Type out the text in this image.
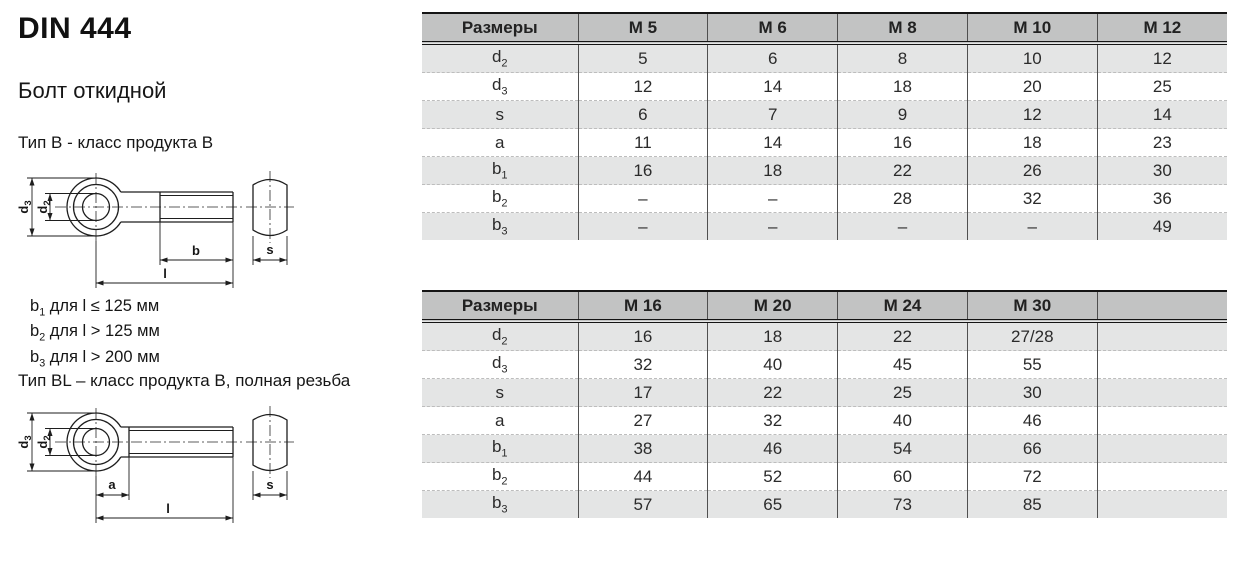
DIN 444
Болт откидной
Тип B - класс продукта B
Тип BL – класс продукта B, полная резьба
$d_3$
$d_2$
b
l
s
$b_1$ для l ≤ 125 мм
$b_2$ для l > 125 мм
$b_3$ для l > 200 мм
$d_3$
$d_2$
a
l
s
Размеры	M 5	M 6	M 8	M 10	M 12
$d_2$	5	6	8	10	12
$d_3$	12	14	18	20	25
s	6	7	9	12	14
a	11	14	16	18	23
$b_1$	16	18	22	26	30
$b_2$	–	–	28	32	36
$b_3$	–	–	–	–	49
Размеры	M 16	M 20	M 24	M 30	
$d_2$	16	18	22	27/28	
$d_3$	32	40	45	55	
s	17	22	25	30	
a	27	32	40	46	
$b_1$	38	46	54	66	
$b_2$	44	52	60	72	
$b_3$	57	65	73	85	
